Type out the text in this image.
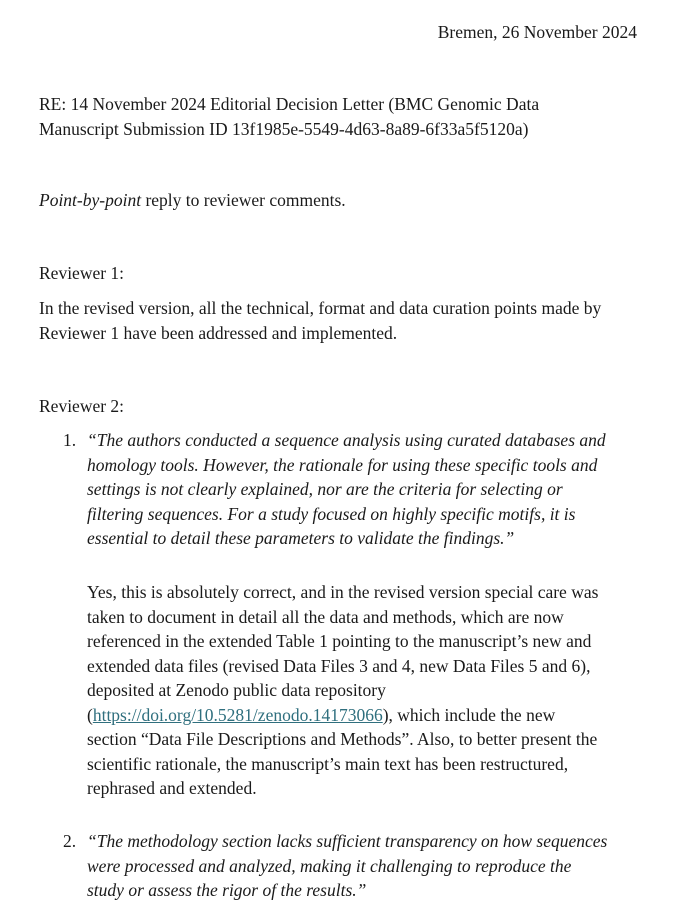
Bremen, 26 November 2024

RE: 14 November 2024 Editorial Decision Letter (BMC Genomic Data
Manuscript Submission ID 13f1985e-5549-4d63-8a89-6f33a5f5120a)

Point-by-point reply to reviewer comments.

Reviewer 1:

In the revised version, all the technical, format and data curation points made by
Reviewer 1 have been addressed and implemented.

Reviewer 2:

1. “The authors conducted a sequence analysis using curated databases and
homology tools. However, the rationale for using these specific tools and
settings is not clearly explained, nor are the criteria for selecting or
filtering sequences. For a study focused on highly specific motifs, it is
essential to detail these parameters to validate the findings.”
Yes, this is absolutely correct, and in the revised version special care was
taken to document in detail all the data and methods, which are now
referenced in the extended Table 1 pointing to the manuscript’s new and
extended data files (revised Data Files 3 and 4, new Data Files 5 and 6),
deposited at Zenodo public data repository
(https://doi.org/10.5281/zenodo.14173066), which include the new
section “Data File Descriptions and Methods”. Also, to better present the
scientific rationale, the manuscript’s main text has been restructured,
rephrased and extended.
2. “The methodology section lacks sufficient transparency on how sequences
were processed and analyzed, making it challenging to reproduce the
study or assess the rigor of the results.”
